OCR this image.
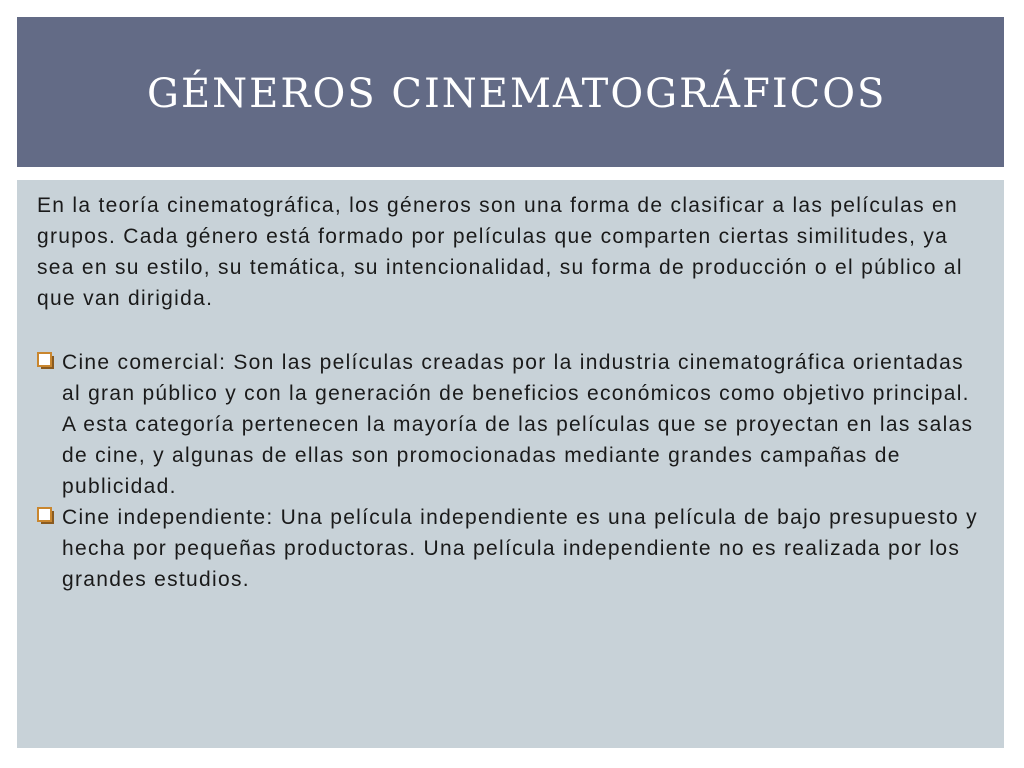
GÉNEROS CINEMATOGRÁFICOS

En la teoría cinematográfica, los géneros son una forma de clasificar a las películas en grupos. Cada género está formado por películas que comparten ciertas similitudes, ya sea en su estilo, su temática, su intencionalidad, su forma de producción o el público al que van dirigida.

Cine comercial: Son las películas creadas por la industria cinematográfica orientadas al gran público y con la generación de beneficios económicos como objetivo principal. A esta categoría pertenecen la mayoría de las películas que se proyectan en las salas de cine, y algunas de ellas son promocionadas mediante grandes campañas de publicidad.
Cine independiente: Una película independiente es una película de bajo presupuesto y hecha por pequeñas productoras. Una película independiente no es realizada por los grandes estudios.
